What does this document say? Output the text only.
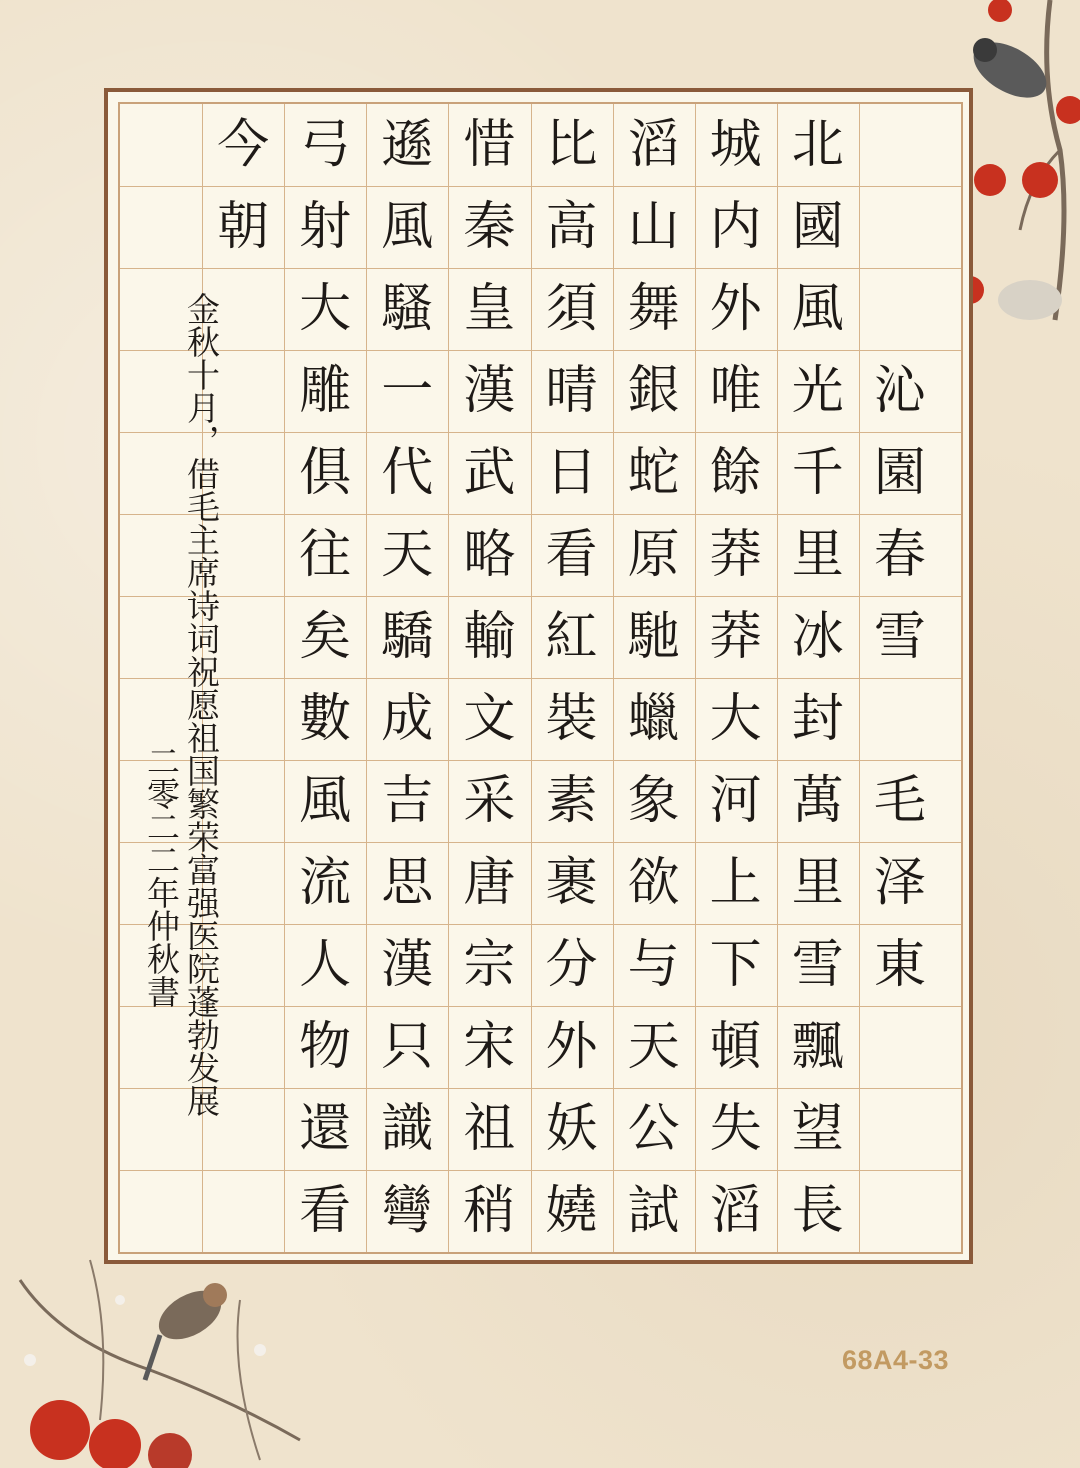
沁
園
春
雪
毛
泽
東
北
國
風
光
千
里
冰
封
萬
里
雪
飄
望
長
城
内
外
唯
餘
莽
莽
大
河
上
下
頓
失
滔
滔
山
舞
銀
蛇
原
馳
蠟
象
欲
与
天
公
試
比
高
須
晴
日
看
紅
裝
素
裹
分
外
妖
嬈
惜
秦
皇
漢
武
略
輸
文
采
唐
宗
宋
祖
稍
遜
風
騷
一
代
天
驕
成
吉
思
漢
只
識
彎
弓
射
大
雕
俱
往
矣
數
風
流
人
物
還
看
今
朝
金秋十月，借毛主席诗词祝愿祖国繁荣富强医院蓬勃发展
二零二二年仲秋書
68A4-33
